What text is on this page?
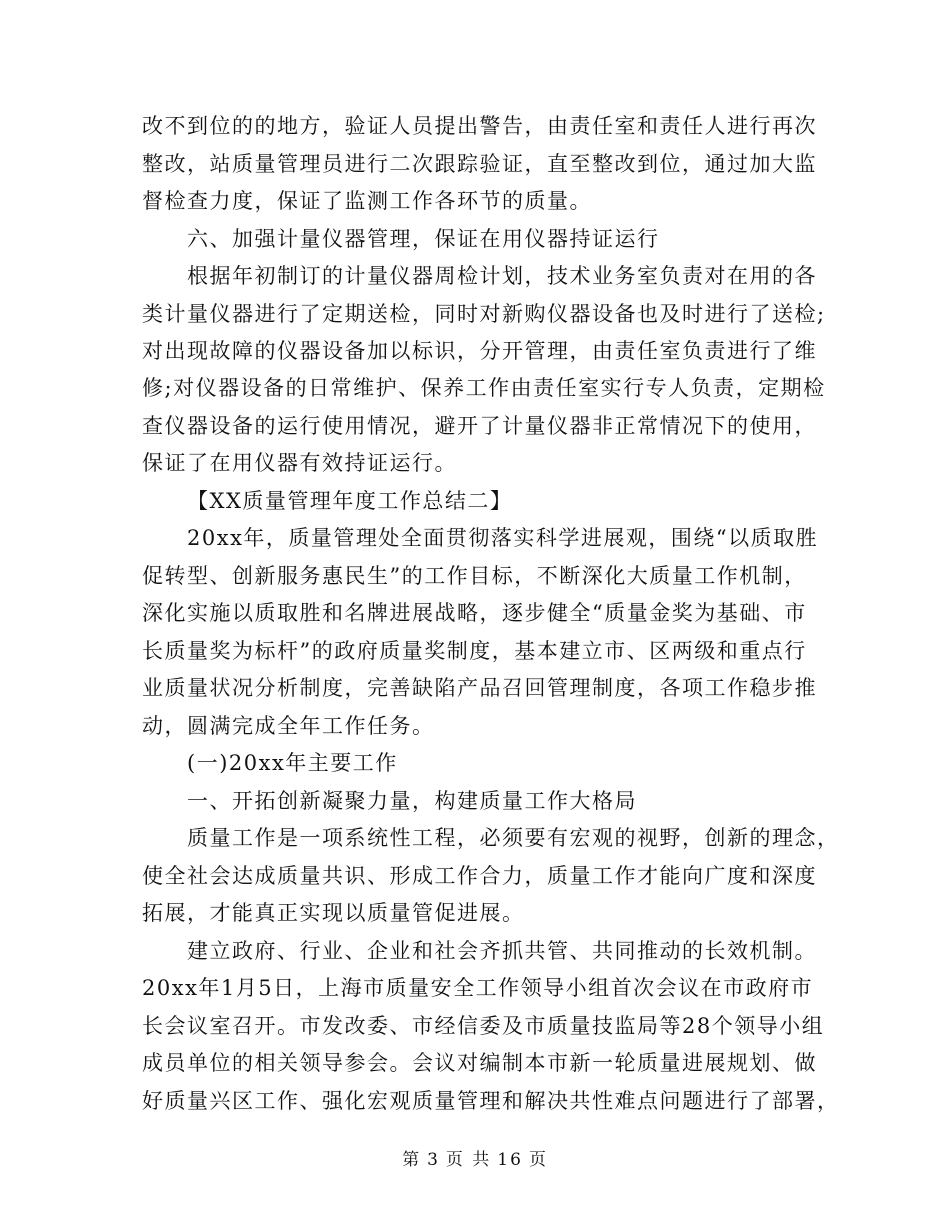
改不到位的的地方，验证人员提出警告，由责任室和责任人进行再次
整改，站质量管理员进行二次跟踪验证，直至整改到位，通过加大监
督检查力度，保证了监测工作各环节的质量。
六、加强计量仪器管理，保证在用仪器持证运行
根据年初制订的计量仪器周检计划，技术业务室负责对在用的各
类计量仪器进行了定期送检，同时对新购仪器设备也及时进行了送检;
对出现故障的仪器设备加以标识，分开管理，由责任室负责进行了维
修;对仪器设备的日常维护、保养工作由责任室实行专人负责，定期检
查仪器设备的运行使用情况，避开了计量仪器非正常情况下的使用，
保证了在用仪器有效持证运行。
【XX质量管理年度工作总结二】
20xx年，质量管理处全面贯彻落实科学进展观，围绕“以质取胜
促转型、创新服务惠民生”的工作目标，不断深化大质量工作机制，
深化实施以质取胜和名牌进展战略，逐步健全“质量金奖为基础、市
长质量奖为标杆”的政府质量奖制度，基本建立市、区两级和重点行
业质量状况分析制度，完善缺陷产品召回管理制度，各项工作稳步推
动，圆满完成全年工作任务。
(一)20xx年主要工作
一、开拓创新凝聚力量，构建质量工作大格局
质量工作是一项系统性工程，必须要有宏观的视野，创新的理念，
使全社会达成质量共识、形成工作合力，质量工作才能向广度和深度
拓展，才能真正实现以质量管促进展。
建立政府、行业、企业和社会齐抓共管、共同推动的长效机制。
20xx年1月5日，上海市质量安全工作领导小组首次会议在市政府市
长会议室召开。市发改委、市经信委及市质量技监局等28个领导小组
成员单位的相关领导参会。会议对编制本市新一轮质量进展规划、做
好质量兴区工作、强化宏观质量管理和解决共性难点问题进行了部署，
第 3 页 共 16 页
